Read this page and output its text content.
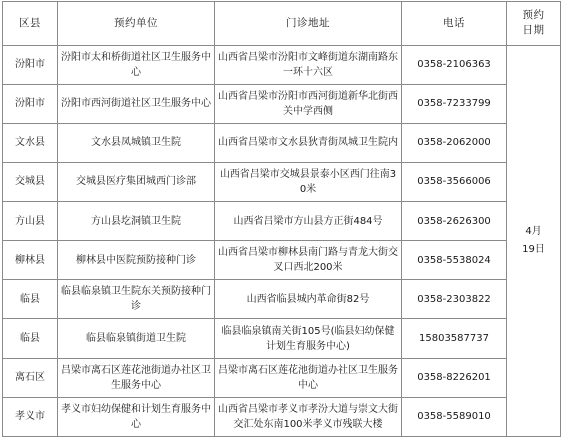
区县	预约单位	门诊地址	电话	预约
日期

汾阳市	汾阳市太和桥街道社区卫生服务中心	山西省吕梁市汾阳市文峰街道东湖南路东一环十六区	0358-2106363	4月
19日

汾阳市	汾阳市西河街道社区卫生服务中心	山西省吕梁市汾阳市西河街道新华北街西关中学西侧	0358-7233799	
文水县	文水县凤城镇卫生院	山西省吕梁市文水县狄青街凤城卫生院内	0358-2062000	
交城县	交城县医疗集团城西门诊部	山西省吕梁市交城县景泰小区西门往南30米	0358-3566006	
方山县	方山县圪洞镇卫生院	山西省吕梁市方山县方正街484号	0358-2626300	
柳林县	柳林县中医院预防接种门诊	山西省吕梁市柳林县南门路与青龙大街交叉口西北200米	0358-5538024	
临县	临县临泉镇卫生院东关预防接种门诊	山西省临县城内革命街82号	0358-2303822	
临县	临县临泉镇街道卫生院	临县临泉镇南关街105号(临县妇幼保健计划生育服务中心)	15803587737	
离石区	吕梁市离石区莲花池街道办社区卫生服务中心	吕梁市离石区莲花池街道办社区卫生服务中心	0358-8226201	
孝义市	孝义市妇幼保健和计划生育服务中心	山西省吕梁市孝义市孝汾大道与崇文大街交汇处东南100米孝义市残联大楼	0358-5589010	
